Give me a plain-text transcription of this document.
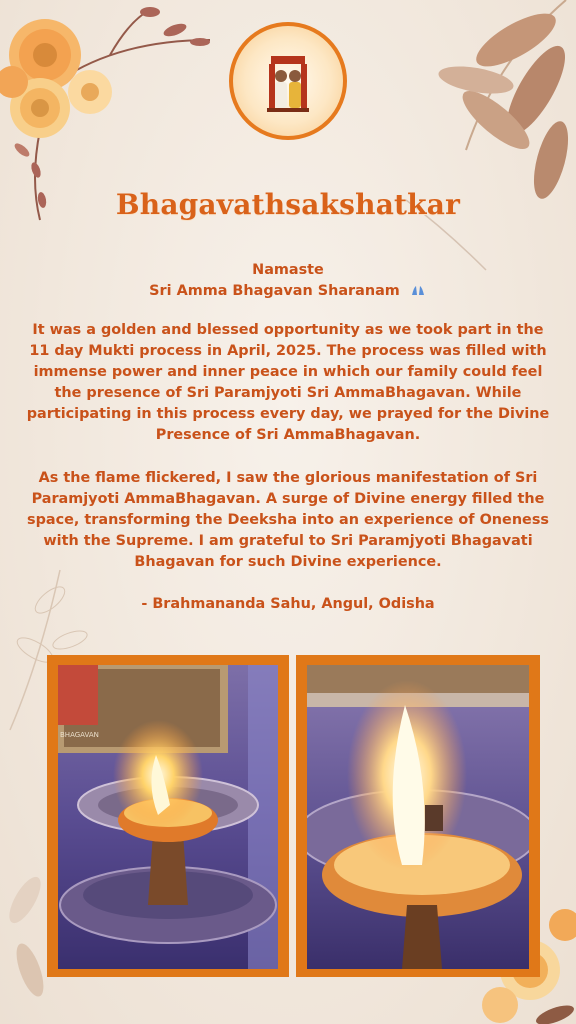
Bhagavathsakshatkar
Namaste
Sri Amma Bhagavan Sharanam
It was a golden and blessed opportunity as we took part in the 11 day Mukti process in April, 2025. The process was filled with immense power and inner peace in which our family could feel the presence of Sri Paramjyoti Sri AmmaBhagavan. While participating in this process every day, we prayed for the Divine Presence of Sri AmmaBhagavan.
As the flame flickered, I saw the glorious manifestation of Sri Paramjyoti AmmaBhagavan. A surge of Divine energy filled the space, transforming the Deeksha into an experience of Oneness with the Supreme. I am grateful to Sri Paramjyoti Bhagavati Bhagavan for such Divine experience.
- Brahmananda Sahu, Angul, Odisha
BHAGAVAN
